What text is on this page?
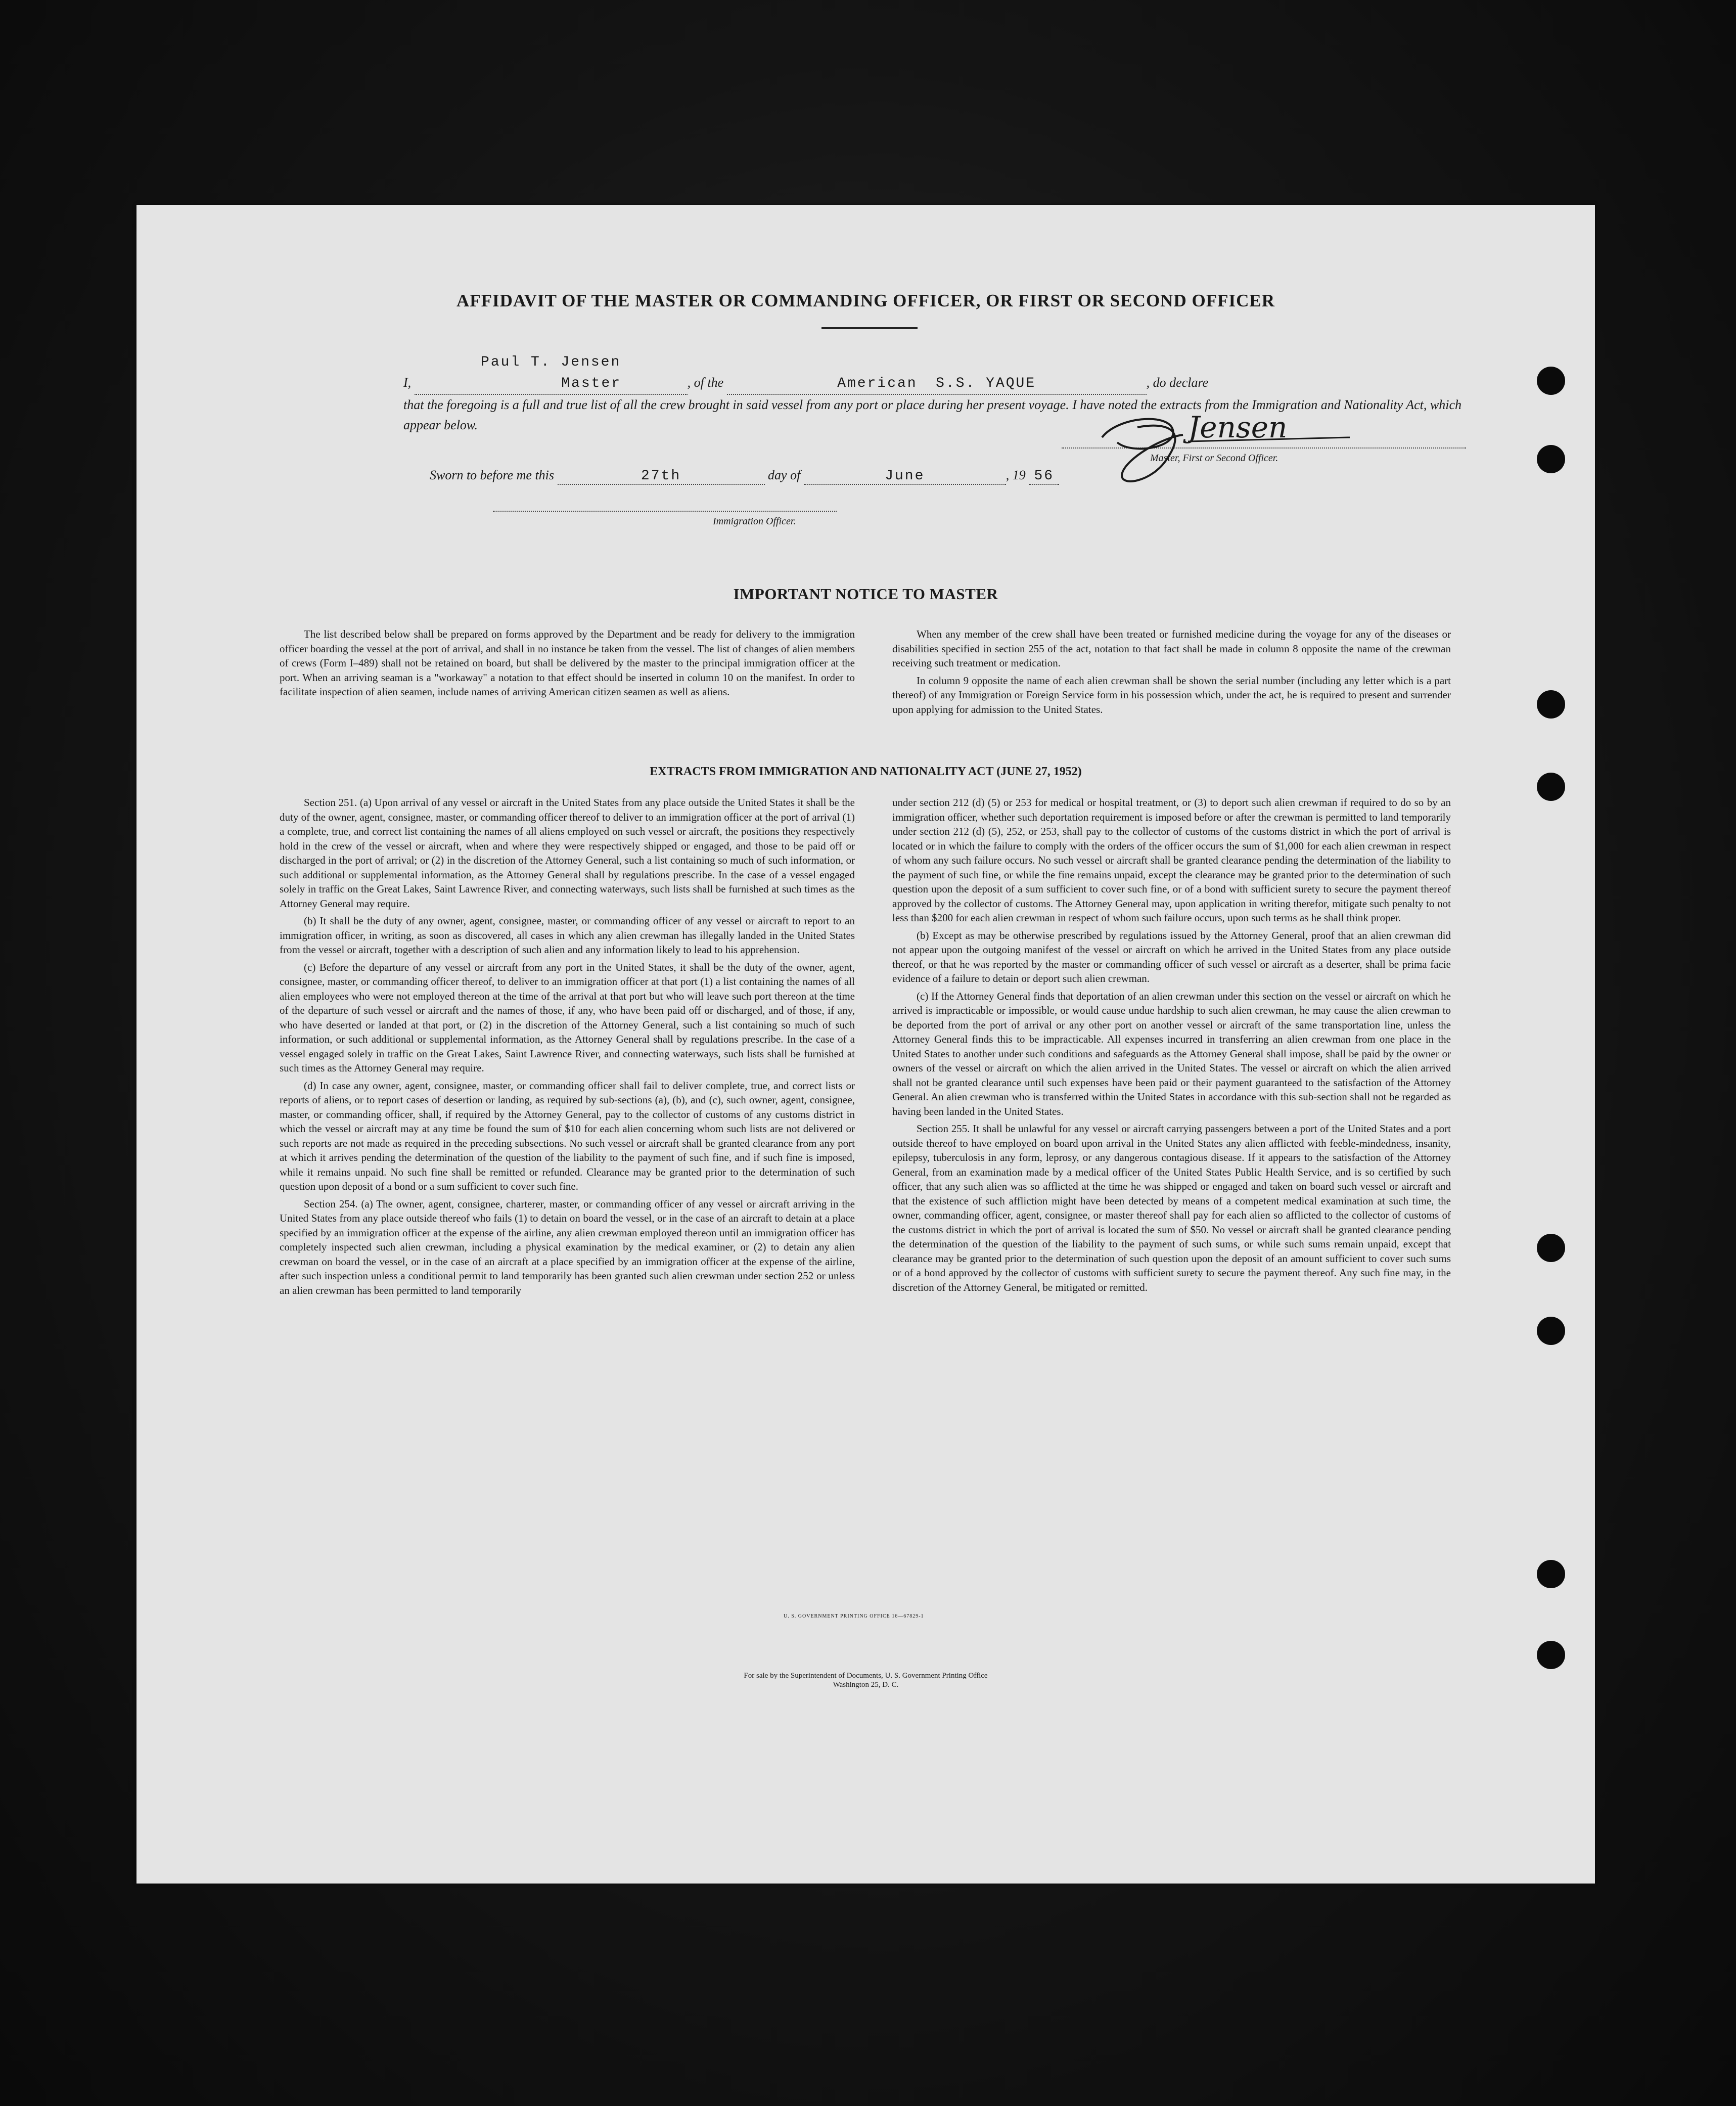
AFFIDAVIT OF THE MASTER OR COMMANDING OFFICER, OR FIRST OR SECOND OFFICER
I, Paul T. Jensen Master	, of the	American S.S. YAQUE	, do declare
that the foregoing is a full and true list of all the crew brought in said vessel from any port or place during her present voyage. I have noted the extracts from the Immigration and Nationality Act, which appear below.
Master, First or Second Officer.
Jensen
Sworn to before me this	27th	day of	June	, 19 56
Immigration Officer.
IMPORTANT NOTICE TO MASTER

The list described below shall be prepared on forms approved by the Department and be ready for delivery to the immigration officer boarding the vessel at the port of arrival, and shall in no instance be taken from the vessel. The list of changes of alien members of crews (Form I–489) shall not be retained on board, but shall be delivered by the master to the principal immigration officer at the port. When an arriving seaman is a "workaway" a notation to that effect should be inserted in column 10 on the manifest. In order to facilitate inspection of alien seamen, include names of arriving American citizen seamen as well as aliens.

When any member of the crew shall have been treated or furnished medicine during the voyage for any of the diseases or disabilities specified in section 255 of the act, notation to that fact shall be made in column 8 opposite the name of the crewman receiving such treatment or medication.

In column 9 opposite the name of each alien crewman shall be shown the serial number (including any letter which is a part thereof) of any Immigration or Foreign Service form in his possession which, under the act, he is required to present and surrender upon applying for admission to the United States.

EXTRACTS FROM IMMIGRATION AND NATIONALITY ACT (JUNE 27, 1952)

Section 251. (a) Upon arrival of any vessel or aircraft in the United States from any place outside the United States it shall be the duty of the owner, agent, consignee, master, or commanding officer thereof to deliver to an immigration officer at the port of arrival (1) a complete, true, and correct list containing the names of all aliens employed on such vessel or aircraft, the positions they respectively hold in the crew of the vessel or aircraft, when and where they were respectively shipped or engaged, and those to be paid off or discharged in the port of arrival; or (2) in the discretion of the Attorney General, such a list containing so much of such information, or such additional or supplemental information, as the Attorney General shall by regulations prescribe. In the case of a vessel engaged solely in traffic on the Great Lakes, Saint Lawrence River, and connecting waterways, such lists shall be furnished at such times as the Attorney General may require.

(b) It shall be the duty of any owner, agent, consignee, master, or commanding officer of any vessel or aircraft to report to an immigration officer, in writing, as soon as discovered, all cases in which any alien crewman has illegally landed in the United States from the vessel or aircraft, together with a description of such alien and any information likely to lead to his apprehension.

(c) Before the departure of any vessel or aircraft from any port in the United States, it shall be the duty of the owner, agent, consignee, master, or commanding officer thereof, to deliver to an immigration officer at that port (1) a list containing the names of all alien employees who were not employed thereon at the time of the arrival at that port but who will leave such port thereon at the time of the departure of such vessel or aircraft and the names of those, if any, who have been paid off or discharged, and of those, if any, who have deserted or landed at that port, or (2) in the discretion of the Attorney General, such a list containing so much of such information, or such additional or supplemental information, as the Attorney General shall by regulations prescribe. In the case of a vessel engaged solely in traffic on the Great Lakes, Saint Lawrence River, and connecting waterways, such lists shall be furnished at such times as the Attorney General may require.

(d) In case any owner, agent, consignee, master, or commanding officer shall fail to deliver complete, true, and correct lists or reports of aliens, or to report cases of desertion or landing, as required by sub-sections (a), (b), and (c), such owner, agent, consignee, master, or commanding officer, shall, if required by the Attorney General, pay to the collector of customs of any customs district in which the vessel or aircraft may at any time be found the sum of $10 for each alien concerning whom such lists are not delivered or such reports are not made as required in the preceding subsections. No such vessel or aircraft shall be granted clearance from any port at which it arrives pending the determination of the question of the liability to the payment of such fine, and if such fine is imposed, while it remains unpaid. No such fine shall be remitted or refunded. Clearance may be granted prior to the determination of such question upon deposit of a bond or a sum sufficient to cover such fine.

Section 254. (a) The owner, agent, consignee, charterer, master, or commanding officer of any vessel or aircraft arriving in the United States from any place outside thereof who fails (1) to detain on board the vessel, or in the case of an aircraft to detain at a place specified by an immigration officer at the expense of the airline, any alien crewman employed thereon until an immigration officer has completely inspected such alien crewman, including a physical examination by the medical examiner, or (2) to detain any alien crewman on board the vessel, or in the case of an aircraft at a place specified by an immigration officer at the expense of the airline, after such inspection unless a conditional permit to land temporarily has been granted such alien crewman under section 252 or unless an alien crewman has been permitted to land temporarily

under section 212 (d) (5) or 253 for medical or hospital treatment, or (3) to deport such alien crewman if required to do so by an immigration officer, whether such deportation requirement is imposed before or after the crewman is permitted to land temporarily under section 212 (d) (5), 252, or 253, shall pay to the collector of customs of the customs district in which the port of arrival is located or in which the failure to comply with the orders of the officer occurs the sum of $1,000 for each alien crewman in respect of whom any such failure occurs. No such vessel or aircraft shall be granted clearance pending the determination of the liability to the payment of such fine, or while the fine remains unpaid, except the clearance may be granted prior to the determination of such question upon the deposit of a sum sufficient to cover such fine, or of a bond with sufficient surety to secure the payment thereof approved by the collector of customs. The Attorney General may, upon application in writing therefor, mitigate such penalty to not less than $200 for each alien crewman in respect of whom such failure occurs, upon such terms as he shall think proper.

(b) Except as may be otherwise prescribed by regulations issued by the Attorney General, proof that an alien crewman did not appear upon the outgoing manifest of the vessel or aircraft on which he arrived in the United States from any place outside thereof, or that he was reported by the master or commanding officer of such vessel or aircraft as a deserter, shall be prima facie evidence of a failure to detain or deport such alien crewman.

(c) If the Attorney General finds that deportation of an alien crewman under this section on the vessel or aircraft on which he arrived is impracticable or impossible, or would cause undue hardship to such alien crewman, he may cause the alien crewman to be deported from the port of arrival or any other port on another vessel or aircraft of the same transportation line, unless the Attorney General finds this to be impracticable. All expenses incurred in transferring an alien crewman from one place in the United States to another under such conditions and safeguards as the Attorney General shall impose, shall be paid by the owner or owners of the vessel or aircraft on which the alien arrived in the United States. The vessel or aircraft on which the alien arrived shall not be granted clearance until such expenses have been paid or their payment guaranteed to the satisfaction of the Attorney General. An alien crewman who is transferred within the United States in accordance with this sub-section shall not be regarded as having been landed in the United States.

Section 255. It shall be unlawful for any vessel or aircraft carrying passengers between a port of the United States and a port outside thereof to have employed on board upon arrival in the United States any alien afflicted with feeble-mindedness, insanity, epilepsy, tuberculosis in any form, leprosy, or any dangerous contagious disease. If it appears to the satisfaction of the Attorney General, from an examination made by a medical officer of the United States Public Health Service, and is so certified by such officer, that any such alien was so afflicted at the time he was shipped or engaged and taken on board such vessel or aircraft and that the existence of such affliction might have been detected by means of a competent medical examination at such time, the owner, commanding officer, agent, consignee, or master thereof shall pay for each alien so afflicted to the collector of customs of the customs district in which the port of arrival is located the sum of $50. No vessel or aircraft shall be granted clearance pending the determination of the question of the liability to the payment of such sums, or while such sums remain unpaid, except that clearance may be granted prior to the determination of such question upon the deposit of an amount sufficient to cover such sums or of a bond approved by the collector of customs with sufficient surety to secure the payment thereof. Any such fine may, in the discretion of the Attorney General, be mitigated or remitted.

U. S. GOVERNMENT PRINTING OFFICE 16—67829-1
For sale by the Superintendent of Documents, U. S. Government Printing Office
Washington 25, D. C.
